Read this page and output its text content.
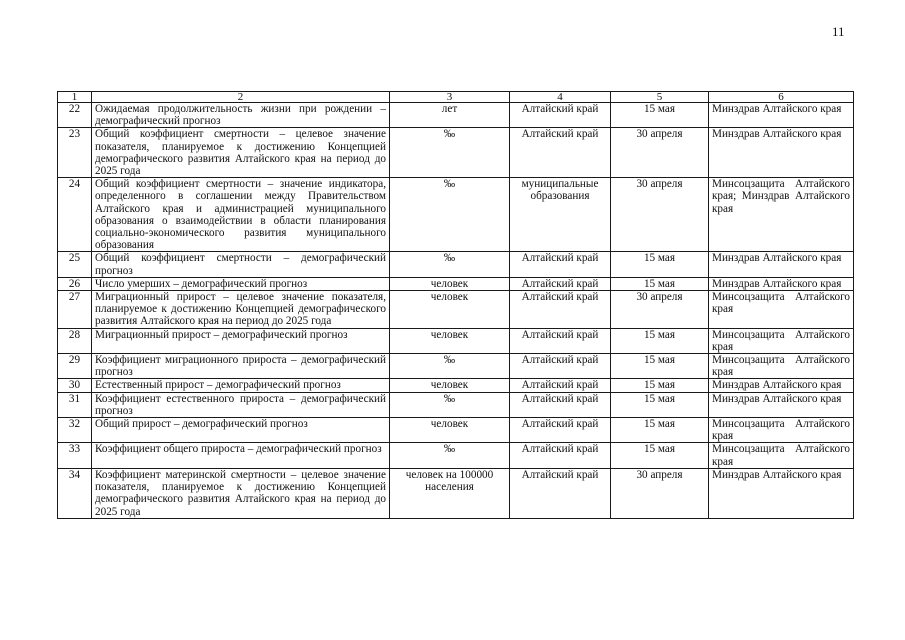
11
1	2	3	4	5	6
22	Ожидаемая продолжительность жизни при рождении – демографический прогноз	лет	Алтайский край	15 мая	Минздрав Алтайского края
23	Общий коэффициент смертности – целевое значение показателя, планируемое к достижению Концепцией демографического развития Алтайского края на период до 2025 года	‰	Алтайский край	30 апреля	Минздрав Алтайского края
24	Общий коэффициент смертности – значение индикатора, определенного в соглашении между Правительством Алтайского края и администрацией муниципального образования о взаимодействии в области планирования социально-экономического развития муниципального образования	‰	муниципальные образования	30 апреля	Минсоцзащита Алтайского края; Минздрав Алтайского края
25	Общий коэффициент смертности – демографический прогноз	‰	Алтайский край	15 мая	Минздрав Алтайского края
26	Число умерших – демографический прогноз	человек	Алтайский край	15 мая	Минздрав Алтайского края
27	Миграционный прирост – целевое значение показателя, планируемое к достижению Концепцией демографического развития Алтайского края на период до 2025 года	человек	Алтайский край	30 апреля	Минсоцзащита Алтайского края
28	Миграционный прирост – демографический прогноз	человек	Алтайский край	15 мая	Минсоцзащита Алтайского края
29	Коэффициент миграционного прироста – демографический прогноз	‰	Алтайский край	15 мая	Минсоцзащита Алтайского края
30	Естественный прирост – демографический прогноз	человек	Алтайский край	15 мая	Минздрав Алтайского края
31	Коэффициент естественного прироста – демографический прогноз	‰	Алтайский край	15 мая	Минздрав Алтайского края
32	Общий прирост – демографический прогноз	человек	Алтайский край	15 мая	Минсоцзащита Алтайского края
33	Коэффициент общего прироста – демографический прогноз	‰	Алтайский край	15 мая	Минсоцзащита Алтайского края
34	Коэффициент материнской смертности – целевое значение показателя, планируемое к достижению Концепцией демографического развития Алтайского края на период до 2025 года	человек на 100000 населения	Алтайский край	30 апреля	Минздрав Алтайского края
